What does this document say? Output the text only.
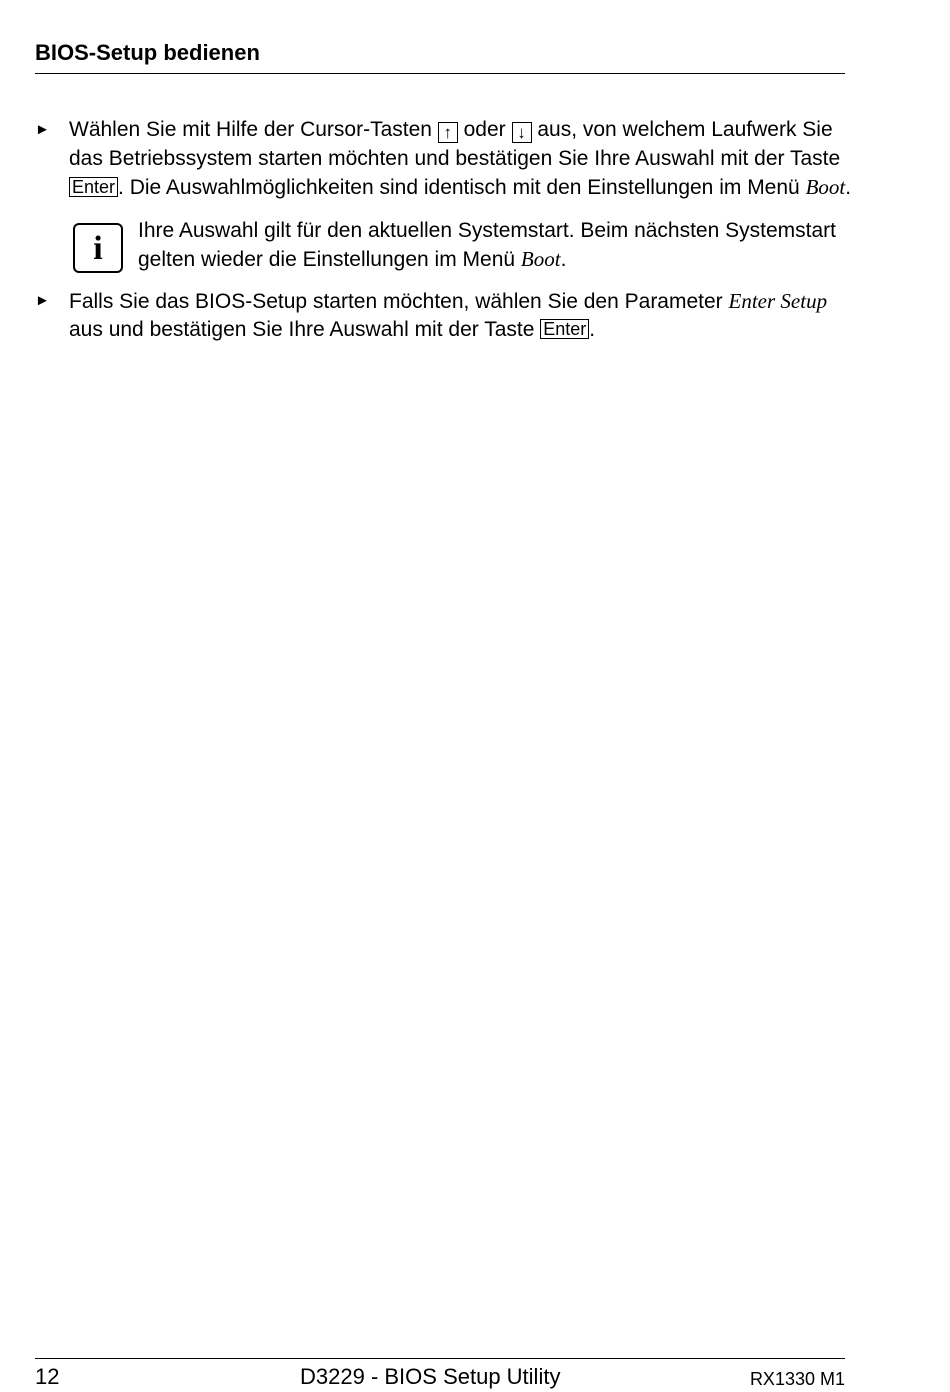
BIOS-Setup bedienen
► Wählen Sie mit Hilfe der Cursor-Tasten ↑ oder ↓ aus, von welchem Laufwerk Sie das Betriebssystem starten möchten und bestätigen Sie Ihre Auswahl mit der Taste Enter . Die Auswahlmöglichkeiten sind identisch mit den Einstellungen im Menü Boot.
i	Ihre Auswahl gilt für den aktuellen Systemstart. Beim nächsten Systemstart gelten wieder die Einstellungen im Menü Boot.
► Falls Sie das BIOS-Setup starten möchten, wählen Sie den Parameter Enter Setup aus und bestätigen Sie Ihre Auswahl mit der Taste Enter .
12	D3229 - BIOS Setup Utility	RX1330 M1
